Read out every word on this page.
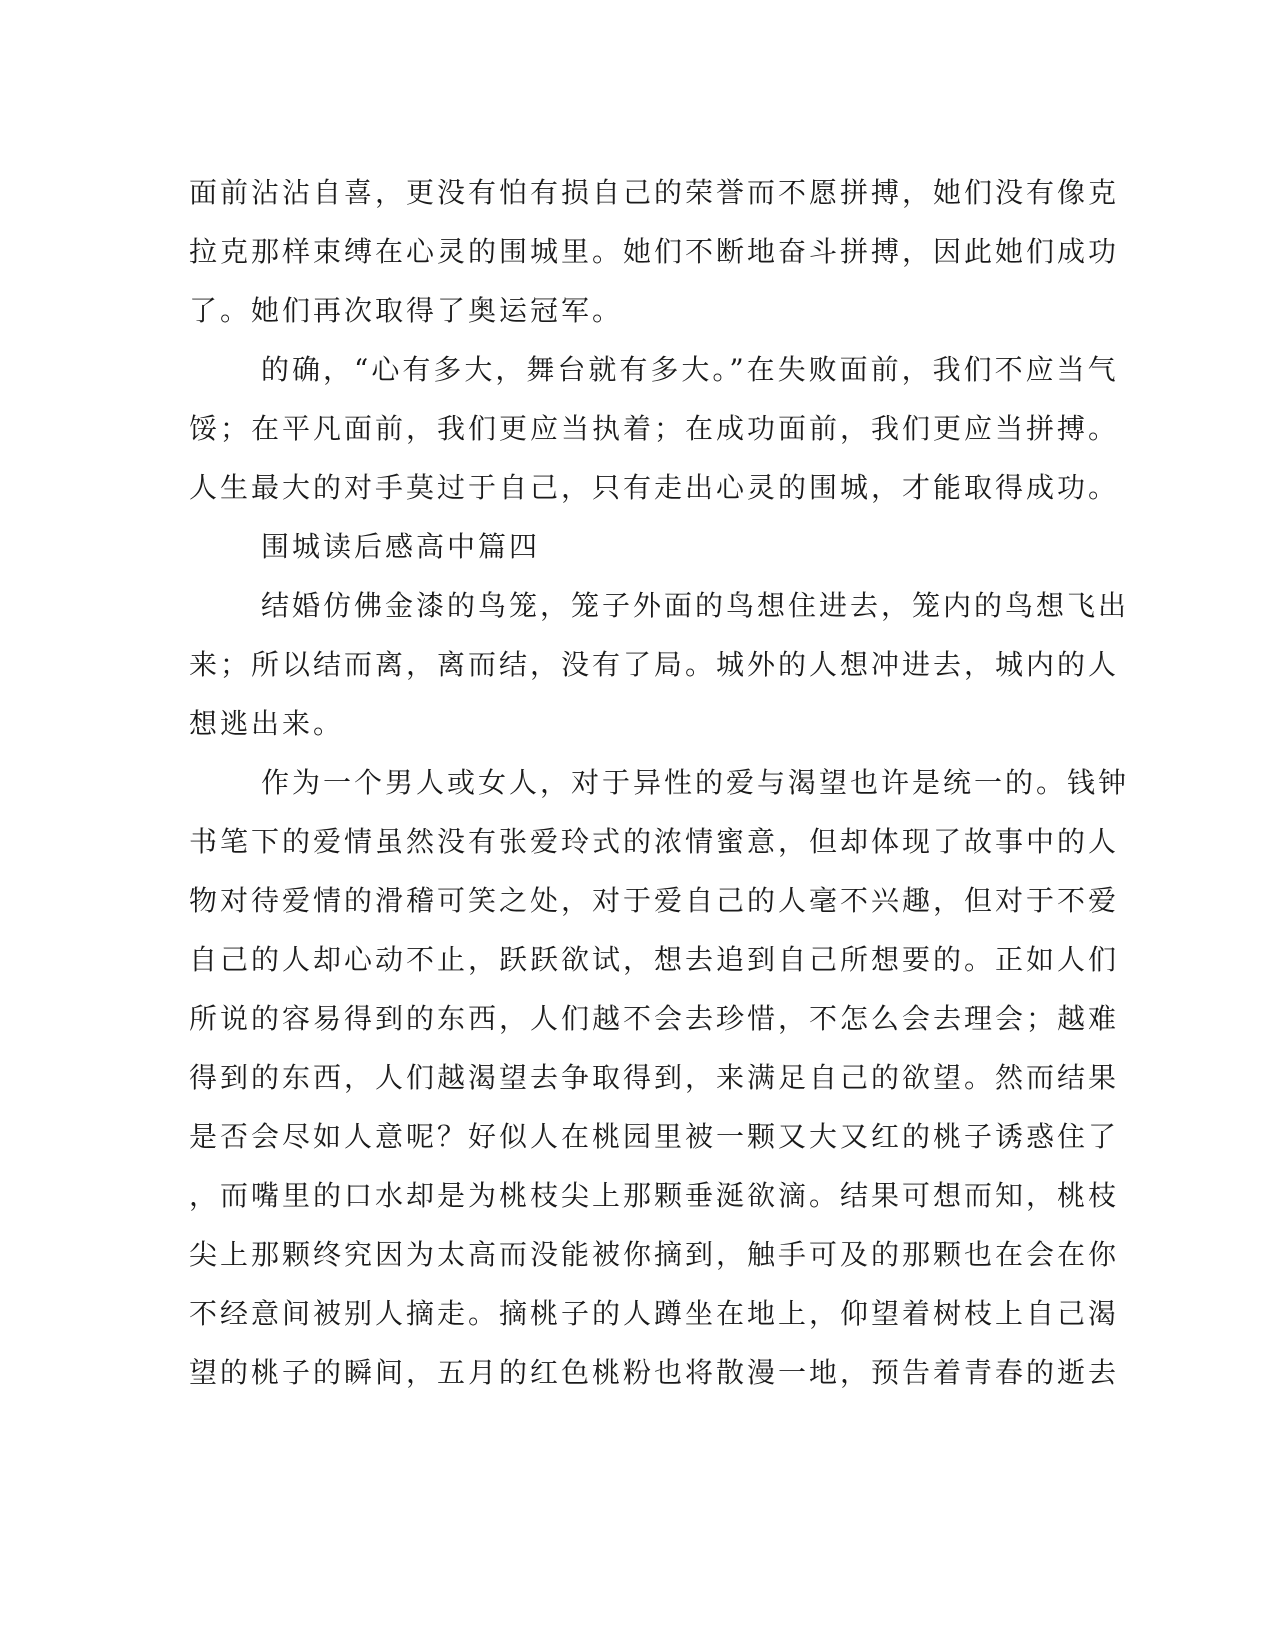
面前沾沾自喜，更没有怕有损自己的荣誉而不愿拼搏，她们没有像克
拉克那样束缚在心灵的围城里。她们不断地奋斗拼搏，因此她们成功
了。她们再次取得了奥运冠军。
的确，“心有多大，舞台就有多大。”在失败面前，我们不应当气
馁；在平凡面前，我们更应当执着；在成功面前，我们更应当拼搏。
人生最大的对手莫过于自己，只有走出心灵的围城，才能取得成功。
围城读后感高中篇四
结婚仿佛金漆的鸟笼，笼子外面的鸟想住进去，笼内的鸟想飞出
来；所以结而离，离而结，没有了局。城外的人想冲进去，城内的人
想逃出来。
作为一个男人或女人，对于异性的爱与渴望也许是统一的。钱钟
书笔下的爱情虽然没有张爱玲式的浓情蜜意，但却体现了故事中的人
物对待爱情的滑稽可笑之处，对于爱自己的人毫不兴趣，但对于不爱
自己的人却心动不止，跃跃欲试，想去追到自己所想要的。正如人们
所说的容易得到的东西，人们越不会去珍惜，不怎么会去理会；越难
得到的东西，人们越渴望去争取得到，来满足自己的欲望。然而结果
是否会尽如人意呢？好似人在桃园里被一颗又大又红的桃子诱惑住了
，而嘴里的口水却是为桃枝尖上那颗垂涎欲滴。结果可想而知，桃枝
尖上那颗终究因为太高而没能被你摘到，触手可及的那颗也在会在你
不经意间被别人摘走。摘桃子的人蹲坐在地上，仰望着树枝上自己渴
望的桃子的瞬间，五月的红色桃粉也将散漫一地，预告着青春的逝去
